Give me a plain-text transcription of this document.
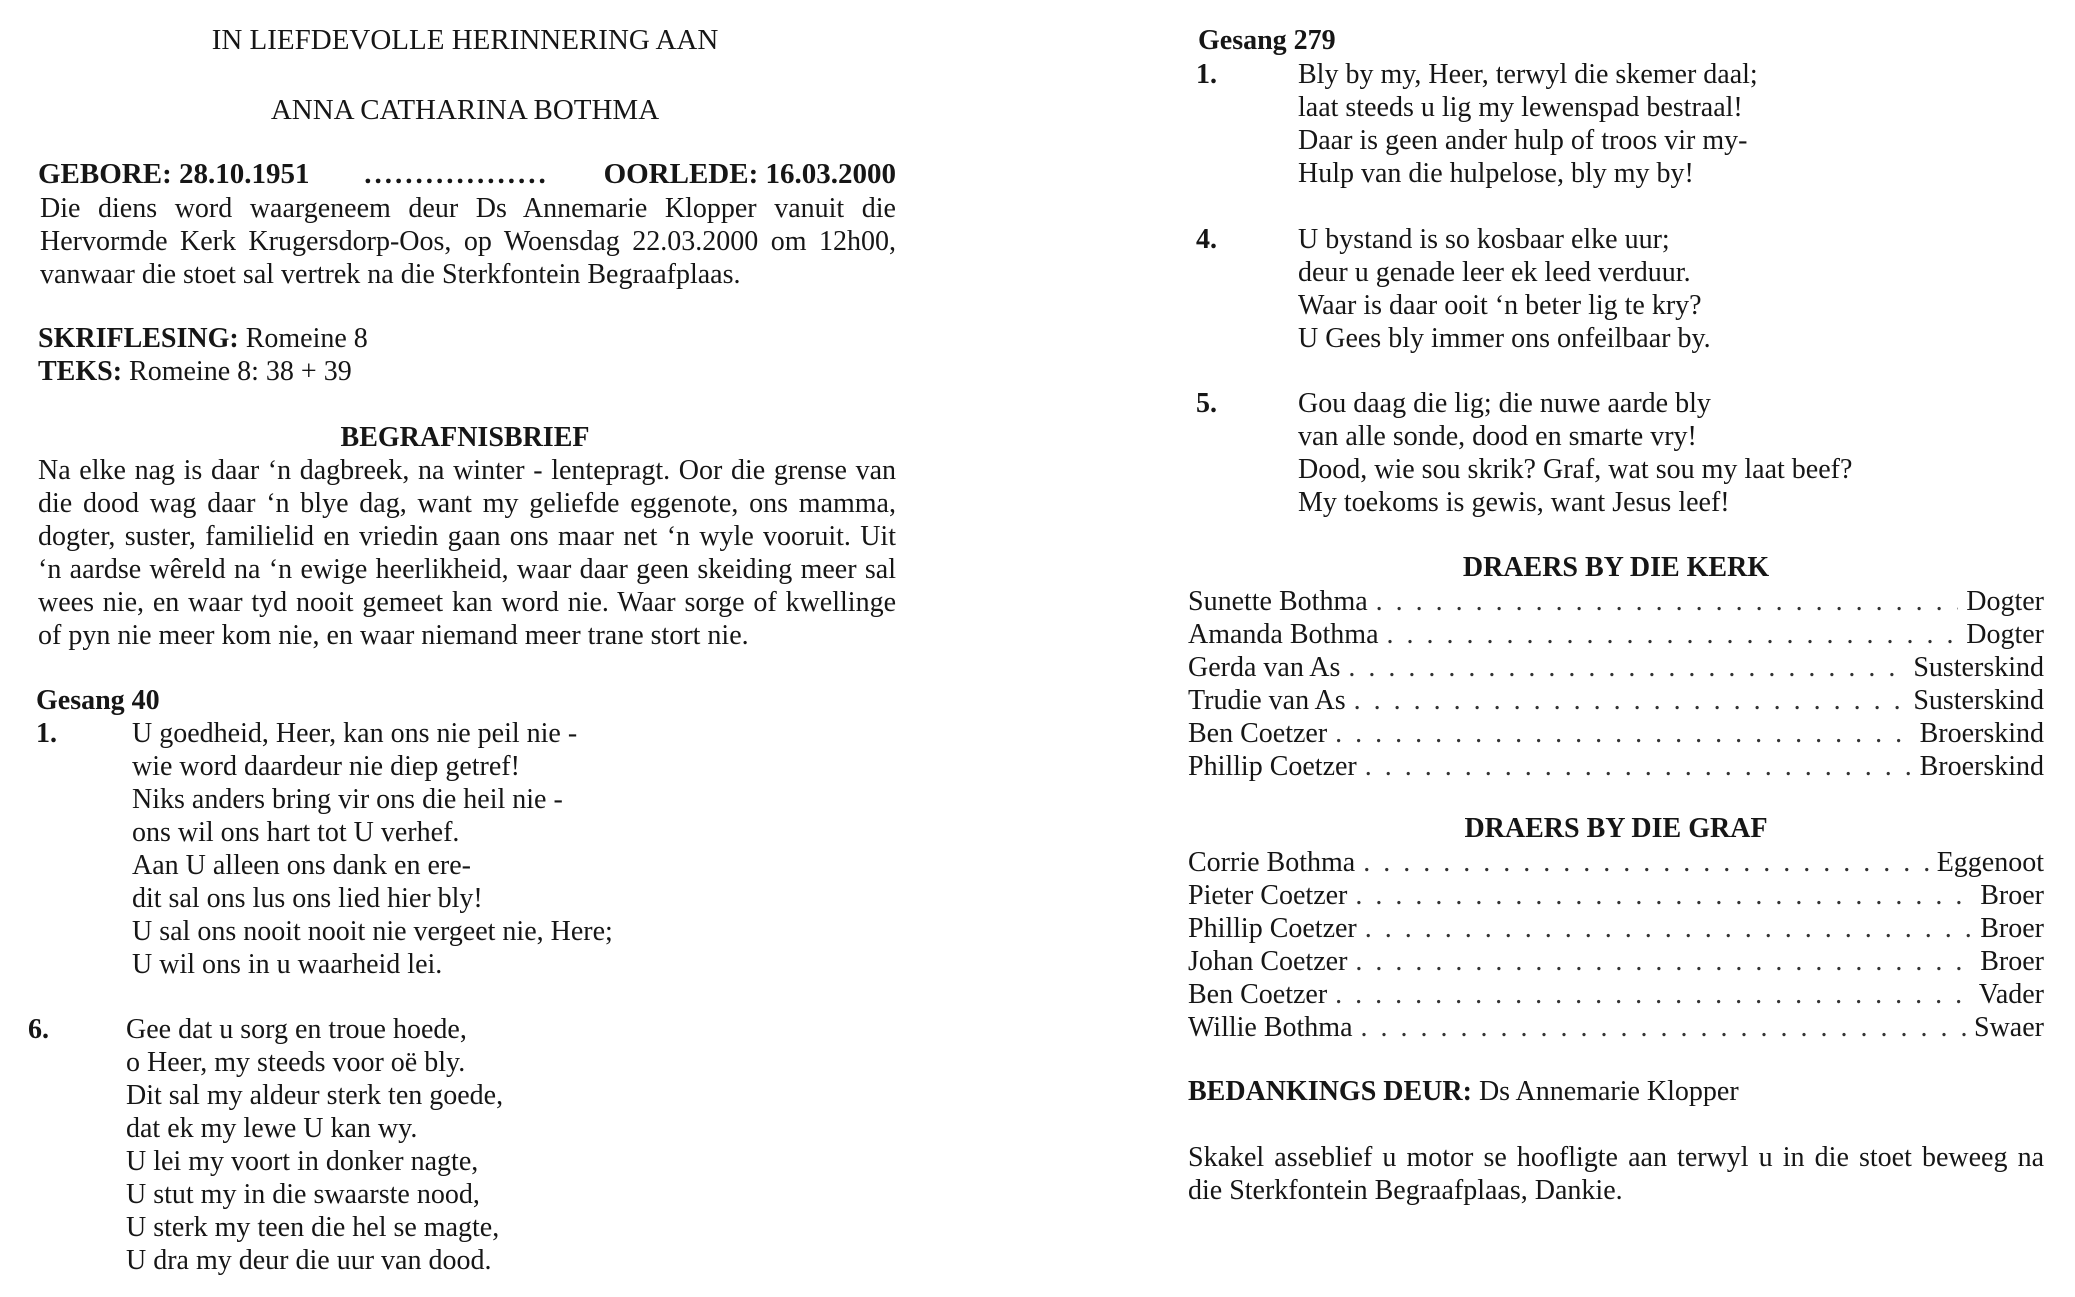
IN LIEFDEVOLLE HERINNERING AAN
ANNA CATHARINA BOTHMA
GEBORE: 28.10.1951 .................. OORLEDE: 16.03.2000
Die diens word waargeneem deur Ds Annemarie Klopper vanuit die Hervormde Kerk Krugersdorp-Oos, op Woensdag 22.03.2000 om 12h00, vanwaar die stoet sal vertrek na die Sterkfontein Begraafplaas.
SKRIFLESING: Romeine 8
TEKS: Romeine 8: 38 + 39
BEGRAFNISBRIEF
Na elke nag is daar ‘n dagbreek, na winter - lentepragt. Oor die grense van die dood wag daar ‘n blye dag, want my geliefde eggenote, ons mamma, dogter, suster, familielid en vriedin gaan ons maar net ‘n wyle vooruit. Uit ‘n aardse wêreld na ‘n ewige heerlikheid, waar daar geen skeiding meer sal wees nie, en waar tyd nooit gemeet kan word nie. Waar sorge of kwellinge of pyn nie meer kom nie, en waar niemand meer trane stort nie.
Gesang 40
1.	U goedheid, Heer, kan ons nie peil nie -
wie word daardeur nie diep getref!
Niks anders bring vir ons die heil nie -
ons wil ons hart tot U verhef.
Aan U alleen ons dank en ere-
dit sal ons lus ons lied hier bly!
U sal ons nooit nooit nie vergeet nie, Here;
U wil ons in u waarheid lei.
6.	Gee dat u sorg en troue hoede,
o Heer, my steeds voor oë bly.
Dit sal my aldeur sterk ten goede,
dat ek my lewe U kan wy.
U lei my voort in donker nagte,
U stut my in die swaarste nood,
U sterk my teen die hel se magte,
U dra my deur die uur van dood.
Gesang 279
1.	Bly by my, Heer, terwyl die skemer daal;
laat steeds u lig my lewenspad bestraal!
Daar is geen ander hulp of troos vir my-
Hulp van die hulpelose, bly my by!
4.	U bystand is so kosbaar elke uur;
deur u genade leer ek leed verduur.
Waar is daar ooit ‘n beter lig te kry?
U Gees bly immer ons onfeilbaar by.
5.	Gou daag die lig; die nuwe aarde bly
van alle sonde, dood en smarte vry!
Dood, wie sou skrik? Graf, wat sou my laat beef?
My toekoms is gewis, want Jesus leef!
DRAERS BY DIE KERK
Sunette Bothma . . .	Dogter
Amanda Bothma . . .	Dogter
Gerda van As . . .	Susterskind
Trudie van As . . .	Susterskind
Ben Coetzer . . .	Broerskind
Phillip Coetzer . . .	Broerskind
DRAERS BY DIE GRAF
Corrie Bothma . . .	Eggenoot
Pieter Coetzer . . .	Broer
Phillip Coetzer . . .	Broer
Johan Coetzer . . .	Broer
Ben Coetzer . . .	Vader
Willie Bothma . . .	Swaer
BEDANKINGS DEUR: Ds Annemarie Klopper
Skakel asseblief u motor se hoofligte aan terwyl u in die stoet beweeg na die Sterkfontein Begraafplaas, Dankie.
